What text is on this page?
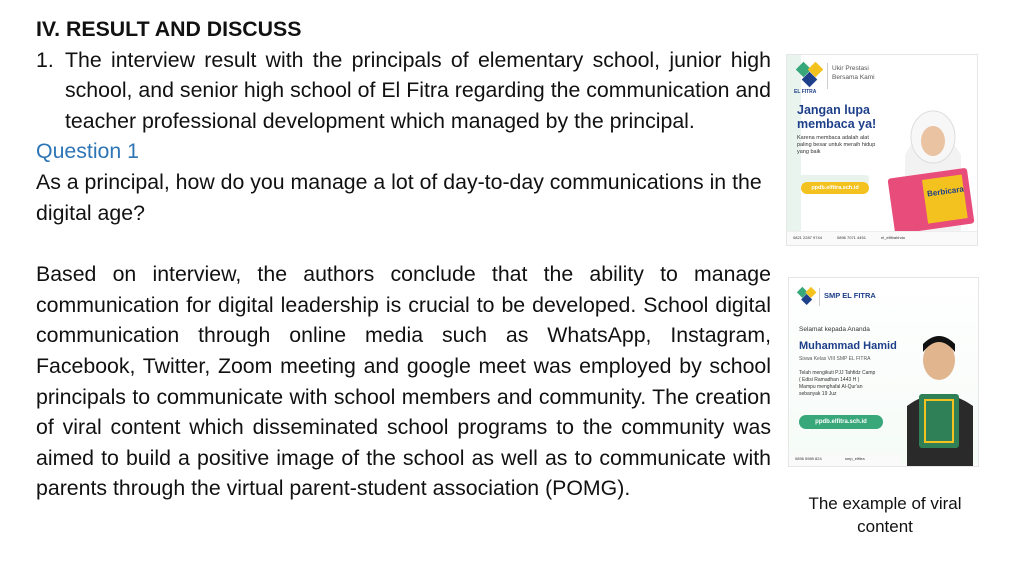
IV. RESULT AND DISCUSS
1. The interview result with the principals of elementary school, junior high school, and senior high school of El Fitra regarding the communication and teacher professional development which managed by the principal.
Question 1
As a principal, how do you manage a lot of day-to-day communications in the digital age?
Based on interview, the authors conclude that the ability to manage communication for digital leadership is crucial to be developed. School digital communication through online media such as WhatsApp, Instagram, Facebook, Twitter, Zoom meeting and google meet was employed by school principals to communicate with school members and community. The creation of viral content which disseminated school programs to the community was aimed to build a positive image of the school as well as to communicate with parents through the virtual parent-student association (POMG).
EL FITRA
Ukir Prestasi Bersama Kami
Jangan lupa membaca ya!
Karena membaca adalah alat paling besar untuk meraih hidup yang baik
ppdb.elfitra.sch.id	Berbicara
0821 2287 9744	0896 7071 4451	el_elfitrahhdu
SMP EL FITRA
Selamat kepada Ananda
Muhammad Hamid
Siswa Kelas VIII SMP EL FITRA
Telah mengikuti PJJ Tahfidz Camp
( Edisi Ramadhan 1443 H )
Mampu menghafal Al-Qur'an
sebanyak 19 Juz
ppdb.elfitra.sch.id
0896 5989 824	smp_elfitra
The example of viral content
